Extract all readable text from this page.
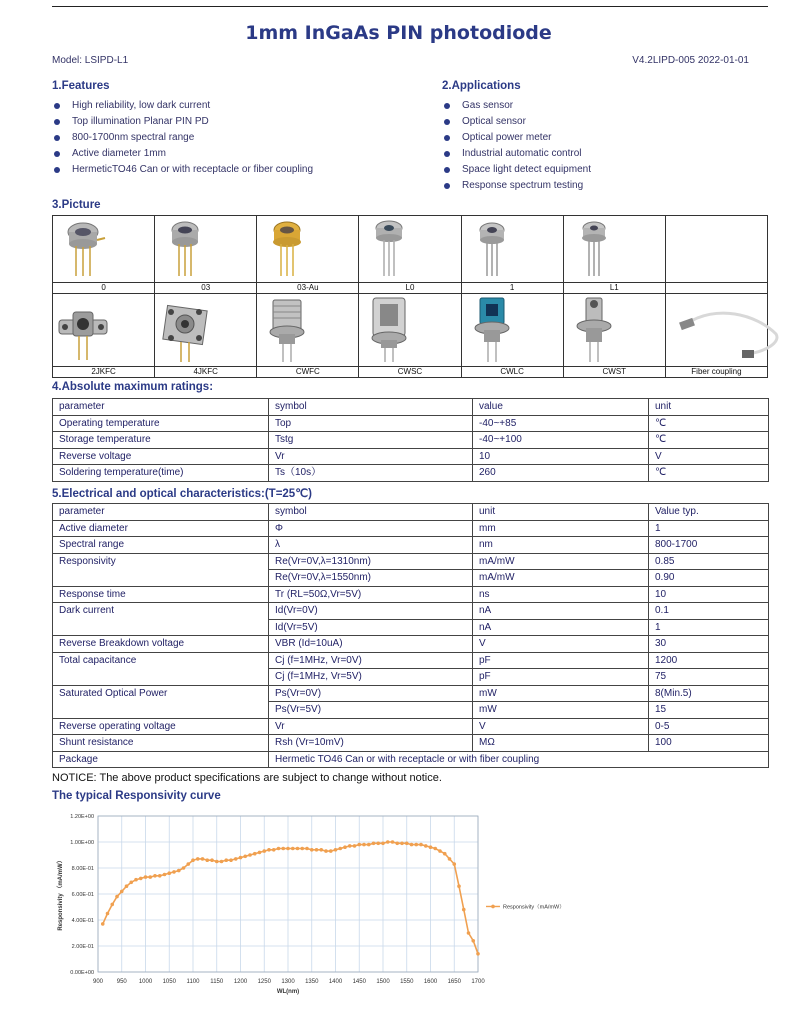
1mm InGaAs PIN photodiode
Model: LSIPD-L1	V4.2LIPD-005 2022-01-01
1.Features
High reliability, low dark current
Top illumination Planar PIN PD
800-1700nm spectral range
Active diameter 1mm
HermeticTO46 Can or with receptacle or fiber coupling
2.Applications
Gas sensor
Optical sensor
Optical power meter
Industrial automatic control
Space light detect equipment
Response spectrum testing
3.Picture

0	03	03-Au	L0	1	L1	

2JKFC	4JKFC	CWFC	CWSC	CWLC	CWST	Fiber coupling
4.Absolute maximum ratings:
parameter	symbol	value	unit
Operating temperature	Top	-40~+85	℃
Storage temperature	Tstg	-40~+100	℃
Reverse voltage	Vr	10	V
Soldering temperature(time)	Ts（10s）	260	℃
5.Electrical and optical characteristics:(T=25℃)
parameter	symbol	unit	Value typ.
Active diameter	Φ	mm	1
Spectral range	λ	nm	800-1700
Responsivity	Re(Vr=0V,λ=1310nm)	mA/mW	0.85
	Re(Vr=0V,λ=1550nm)	mA/mW	0.90
Response time	Tr (RL=50Ω,Vr=5V)	ns	10
Dark current	Id(Vr=0V)	nA	0.1
	Id(Vr=5V)	nA	1
Reverse Breakdown voltage	VBR (Id=10uA)	V	30
Total capacitance	Cj (f=1MHz, Vr=0V)	pF	1200
	Cj (f=1MHz, Vr=5V)	pF	75
Saturated Optical Power	Ps(Vr=0V)	mW	8(Min.5)
	Ps(Vr=5V)	mW	15
Reverse operating voltage	Vr	V	0-5
Shunt resistance	Rsh (Vr=10mV)	MΩ	100
Package	Hermetic TO46 Can or with receptacle or with fiber coupling		
NOTICE: The above product specifications are subject to change without notice.
The typical Responsivity curve
0.00E+00
2.00E-01
4.00E-01
6.00E-01
8.00E-01
1.00E+00
1.20E+00
900 950 1000 1050 1100 1150 1200 1250 1300 1350 1400 1450 1500 1550 1600 1650 1700
Responsivity （mA/mW）
WL(nm)
Responsivity（mA/mW）
